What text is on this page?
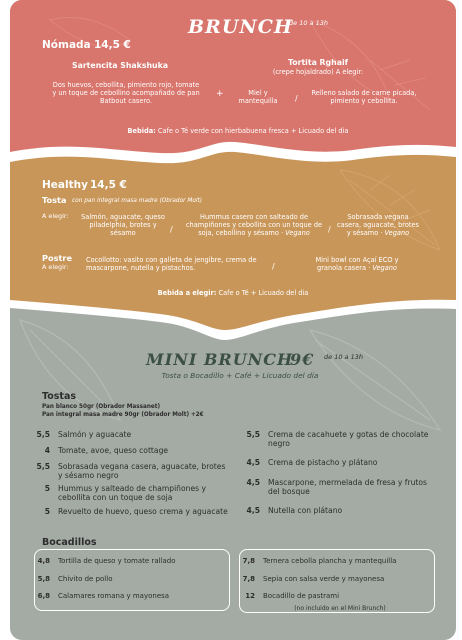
BRUNCH
de 10 a 13h
Nómada 14,5 €
Sartencita Shakshuka
Dos huevos, cebollita, pimiento rojo, tomate y un toque de cebollino acompañado de pan Batbout casero.
+
Tortita Rghaif
(crepe hojaldrado) A elegir:
Miel y mantequilla	/
Relleno salado de carne picada, pimiento y cebollita.
Bebida: Cafe o Té verde con hierbabuena fresca + Licuado del dia
Healthy 14,5 €
Tosta con pan integral masa madre (Obrador Molt)
A elegir:	Salmón, aguacate, queso piladelphia, brotes y sésamo	/
Hummus casero con salteado de champiñones y cebollita con un toque de soja, cebollino y sésamo · Vegano	/
Sobrasada vegana casera, aguacate, brotes y sésamo · Vegano
Postre
A elegir:
Cocollotto: vasito con galleta de jengibre, crema de mascarpone, nutella y pistachos.	/
Mini bowl con Açaí ECO y granola casera · Vegano
Bebida a elegir: Cafe o Té + Licuado del dia
MINI BRUNCH
9€ de 10 a 13h
Tosta o Bocadillo + Café + Licuado del día
Tostas
Pan blanco 50gr (Obrador Massanet)
Pan integral masa madre 90gr (Obrador Molt) +2€
5,5 Salmón y aguacate
4 Tomate, avoe, queso cottage
5,5 Sobrasada vegana casera, aguacate, brotes y sésamo negro
5 Hummus y salteado de champiñones y cebollita con un toque de soja
5 Revuelto de huevo, queso crema y aguacate
5,5 Crema de cacahuete y gotas de chocolate negro
4,5 Crema de pistacho y plátano
4,5 Mascarpone, mermelada de fresa y frutos del bosque
4,5 Nutella con plátano
Bocadillos
4,8 Tortilla de queso y tomate rallado
5,8 Chivito de pollo
6,8 Calamares romana y mayonesa
7,8 Ternera cebolla plancha y mantequilla
7,8 Sepia con salsa verde y mayonesa
12 Bocadillo de pastrami
(no incluido en el Mini Brunch)
